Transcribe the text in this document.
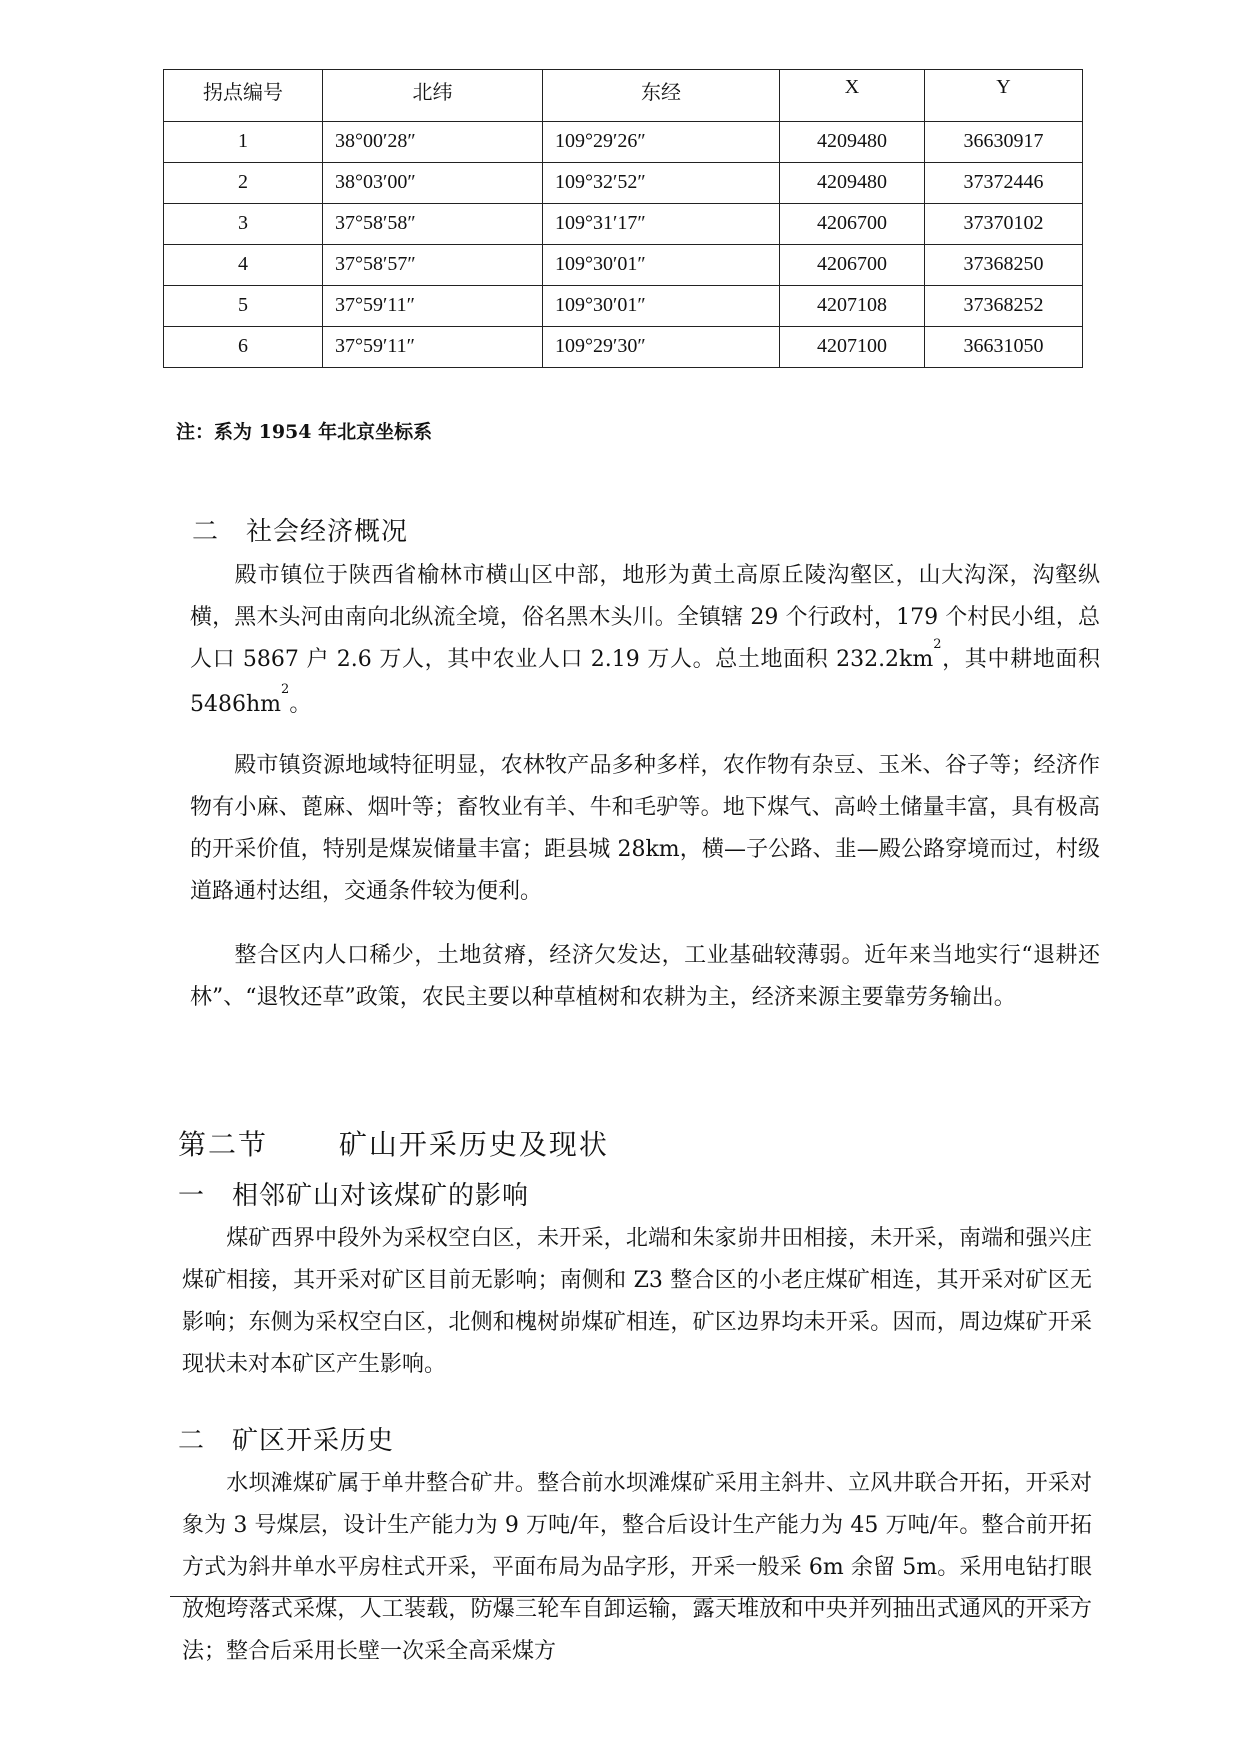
拐点编号	北纬	东经	X	Y
1	38°00′28″	109°29′26″	4209480	36630917
2	38°03′00″	109°32′52″	4209480	37372446
3	37°58′58″	109°31′17″	4206700	37370102
4	37°58′57″	109°30′01″	4206700	37368250
5	37°59′11″	109°30′01″	4207108	37368252
6	37°59′11″	109°29′30″	4207100	36631050
注：系为 1954 年北京坐标系
二　社会经济概况

殿市镇位于陕西省榆林市横山区中部，地形为黄土高原丘陵沟壑区，山大沟深，沟壑纵横，黑木头河由南向北纵流全境，俗名黑木头川。全镇辖 29 个行政村，179 个村民小组，总人口 5867 户 2.6 万人，其中农业人口 2.19 万人。总土地面积 $232.2km^2$，其中耕地面积 $5486hm^2$。

殿市镇资源地域特征明显，农林牧产品多种多样，农作物有杂豆、玉米、谷子等；经济作物有小麻、蓖麻、烟叶等；畜牧业有羊、牛和毛驴等。地下煤气、高岭土储量丰富，具有极高的开采价值，特别是煤炭储量丰富；距县城 28km，横—子公路、韭—殿公路穿境而过，村级道路通村达组，交通条件较为便利。

整合区内人口稀少，土地贫瘠，经济欠发达，工业基础较薄弱。近年来当地实行“退耕还林”、“退牧还草”政策，农民主要以种草植树和农耕为主，经济来源主要靠劳务输出。

第二节　 矿山开采历史及现状
一　相邻矿山对该煤矿的影响

煤矿西界中段外为采权空白区，未开采，北端和朱家峁井田相接，未开采，南端和强兴庄煤矿相接，其开采对矿区目前无影响；南侧和 Z3 整合区的小老庄煤矿相连，其开采对矿区无影响；东侧为采权空白区，北侧和槐树峁煤矿相连，矿区边界均未开采。因而，周边煤矿开采现状未对本矿区产生影响。

二　矿区开采历史

水坝滩煤矿属于单井整合矿井。整合前水坝滩煤矿采用主斜井、立风井联合开拓，开采对象为 3 号煤层，设计生产能力为 9 万吨/年，整合后设计生产能力为 45 万吨/年。整合前开拓方式为斜井单水平房柱式开采，平面布局为品字形，开采一般采 6m 余留 5m。采用电钻打眼放炮垮落式采煤，人工装载，防爆三轮车自卸运输，露天堆放和中央并列抽出式通风的开采方法；整合后采用长壁一次采全高采煤方
